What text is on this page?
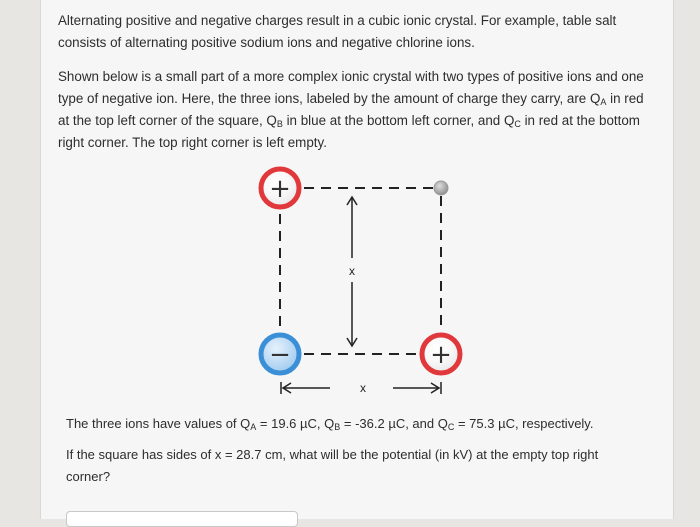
Alternating positive and negative charges result in a cubic ionic crystal. For example, table salt consists of alternating positive sodium ions and negative chlorine ions.

Shown below is a small part of a more complex ionic crystal with two types of positive ions and one type of negative ion. Here, the three ions, labeled by the amount of charge they carry, are $Q_A$ in red at the top left corner of the square, $Q_B$ in blue at the bottom left corner, and $Q_C$ in red at the bottom right corner. The top right corner is left empty.

x
x
+
−	+

The three ions have values of $Q_A = 19.6$ µC, $Q_B = -36.2$ µC, and $Q_C = 75.3$ µC, respectively.

If the square has sides of x = 28.7 cm, what will be the potential (in kV) at the empty top right corner?
